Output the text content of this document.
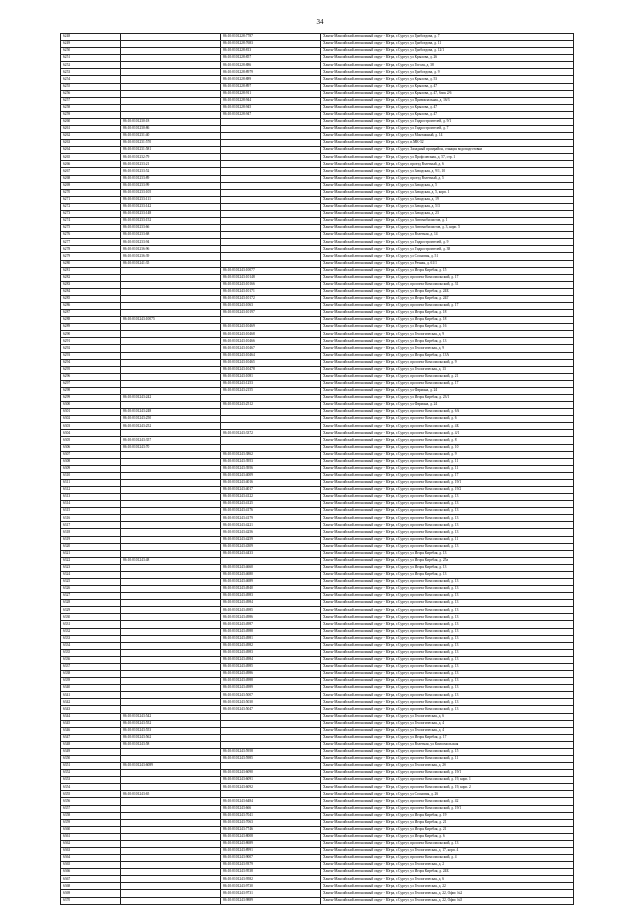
34
6248		86:10:0101228:7787	Ханты-Мансийский автономный округ - Югра, г.Сургут, ул Грибоедова, д. 7
6249		86:10:0101228:7683	Ханты-Мансийский автономный округ - Югра, г.Сургут, ул Грибоедова, д. 11
6250		86:10:0101228:813	Ханты-Мансийский автономный округ - Югра, г.Сургут, ул Грибоедова, д. 12/1
6251		86:10:0101228:857	Ханты-Мансийский автономный округ - Югра, г.Сургут, ул Крылова, д. 26
6252		86:10:0101228:886	Ханты-Мансийский автономный округ - Югра, г.Сургут, ул Гоголя, д. 38
6253		86:10:0101228:8979	Ханты-Мансийский автономный округ - Югра, г.Сургут, ул Грибоедова, д. 9
6254		86:10:0101228:889	Ханты-Мансийский автономный округ - Югра, г.Сургут, ул Крылова, д. 53
6255		86:10:0101228:897	Ханты-Мансийский автономный округ - Югра, г.Сургут, ул Крылова, д. 47
6256		86:10:0101228:911	Ханты-Мансийский автономный округ - Югра, г.Сургут, ул Крылова, д. 47, блок 2/6
6257		86:10:0101228:944	Ханты-Мансийский автономный округ - Югра, г.Сургут, ул Привокзальная, д. 16/3
6258		86:10:0101228:945	Ханты-Мансийский автономный округ - Югра, г.Сургут, ул Крылова, д. 47
6259		86:10:0101228:947	Ханты-Мансийский автономный округ - Югра, г.Сургут, ул Крылова, д. 47
6260	86:10:0101230:18		Ханты-Мансийский автономный округ - Югра, г.Сургут, ул Гидростроителей, д. 9/1
6261	86:10:0101230:86		Ханты-Мансийский автономный округ - Югра, г.Сургут, ул Гидростроителей, д. 7
6262	86:10:0101231:40		Ханты-Мансийский автономный округ - Югра, г.Сургут, ул Монтажный, д. 14
6263	86:10:0101231:570		Ханты-Мансийский автономный округ - Югра, г.Сургут, п.МК-32
6264	86:10:0101231:581		Ханты-Мансийский автономный округ - Югра, г.Сургут, Западный промрайон, станция водоподготовки
6265	86:10:0101232:79		Ханты-Мансийский автономный округ - Югра, г.Сургут, ул Профсоюзная, д. 57, стр. 1
6266	86:10:0101233:21		Ханты-Мансийский автономный округ - Югра, г.Сургут, проезд Взлетный, д. 6
6267	86:10:0101233:52		Ханты-Мансийский автономный округ - Югра, г.Сургут, ул Заводская, д. 9/1, 10
6268	86:10:0101233:89		Ханты-Мансийский автономный округ - Югра, г.Сургут, проезд Взлетный, д. 5
6269	86:10:0101233:99		Ханты-Мансийский автономный округ - Югра, г.Сургут, ул Заводская, д. 5
6270	86:10:0101233:105		Ханты-Мансийский автономный округ - Югра, г.Сургут, ул Заводская, д. 5, корп. 1
6271	86:10:0101233:111		Ханты-Мансийский автономный округ - Югра, г.Сургут, ул Заводская, д. 19
6272	86:10:0101233:142		Ханты-Мансийский автономный округ - Югра, г.Сургут, ул Заводская, д. 5/3
6273	86:10:0101233:148		Ханты-Мансийский автономный округ - Югра, г.Сургут, ул Заводская, д. 23
6274	86:10:0101233:152		Ханты-Мансийский автономный округ - Югра, г.Сургут, ул Автомобилистов, д. 1
6275	86:10:0101233:66		Ханты-Мансийский автономный округ - Югра, г.Сургут, ул Автомобилистов, д. 3, корп. 5
6276	86:10:0101233:68		Ханты-Мансийский автономный округ - Югра, г.Сургут, ул Взлетная, д. 14
6277	86:10:0101233:94		Ханты-Мансийский автономный округ - Югра, г.Сургут, ул Гидростроителей, д. 9
6278	86:10:0101236:96		Ханты-Мансийский автономный округ - Югра, г.Сургут, ул Гидростроителей, д. 38
6279	86:10:0101236:39		Ханты-Мансийский автономный округ - Югра, г.Сургут, ул Сосновая, д. 51
6280	86:10:0101241:35		Ханты-Мансийский автономный округ - Югра, г.Сургут, ул Речная, д. 61/1
6281		86:10:0101243:10077	Ханты-Мансийский автономный округ - Югра, г.Сургут, ул Игоря Киртбая, д. 15
6282		86:10:0101243:10148	Ханты-Мансийский автономный округ - Югра, г.Сургут, проспект Комсомольский, д. 17
6283		86:10:0101243:10166	Ханты-Мансийский автономный округ - Югра, г.Сургут, проспект Комсомольский, д. 31
6284		86:10:0101243:10171	Ханты-Мансийский автономный округ - Югра, г.Сургут, ул Игоря Киртбая, д. 24Б
6285		86:10:0101243:10172	Ханты-Мансийский автономный округ - Югра, г.Сургут, ул Игоря Киртбая, д. 24Г
6286		86:10:0101243:1063	Ханты-Мансийский автономный округ - Югра, г.Сургут, проспект Комсомольский, д. 17
6287		86:10:0101243:10197	Ханты-Мансийский автономный округ - Югра, г.Сургут, ул Игоря Киртбая, д. 18
6288	86:10:0101243:10075		Ханты-Мансийский автономный округ - Югра, г.Сургут, ул Игоря Киртбая, д. 18
6289		86:10:0101243:10469	Ханты-Мансийский автономный округ - Югра, г.Сургут, ул Игоря Киртбая, д. 16
6290		86:10:0101243:10468	Ханты-Мансийский автономный округ - Югра, г.Сургут, ул Геологическая, д. 9
6291		86:10:0101243:10466	Ханты-Мансийский автономный округ - Югра, г.Сургут, ул Игоря Киртбая, д. 13
6292		86:10:0101243:10467	Ханты-Мансийский автономный округ - Югра, г.Сургут, ул Геологическая, д. 9
6293		86:10:0101243:10464	Ханты-Мансийский автономный округ - Югра, г.Сургут, ул Игоря Киртбая, д. 13А
6294		86:10:0101243:10465	Ханты-Мансийский автономный округ - Югра, г.Сургут, проспект Комсомольский, д. 9
6295		86:10:0101243:10478	Ханты-Мансийский автономный округ - Югра, г.Сургут, ул Геологическая, д. 13
6296		86:10:0101243:1081	Ханты-Мансийский автономный округ - Югра, г.Сургут, проспект Комсомольский, д. 21
6297		86:10:0101243:1253	Ханты-Мансийский автономный округ - Югра, г.Сургут, проспект Комсомольский, д. 17
6298		86:10:0101243:2155	Ханты-Мансийский автономный округ - Югра, г.Сургут, ул Фармана, д. 24
6299	86:10:0101243:242		Ханты-Мансийский автономный округ - Югра, г.Сургут, ул Игоря Киртбая, д. 23/1
6300		86:10:0101243:2512	Ханты-Мансийский автономный округ - Югра, г.Сургут, ул Фармана, д. 24
6301	86:10:0101243:248		Ханты-Мансийский автономный округ - Югра, г.Сургут, проспект Комсомольский, д. 6А
6302	86:10:0101243:250		Ханты-Мансийский автономный округ - Югра, г.Сургут, проспект Комсомольский, д. 6
6303	86:10:0101243:252		Ханты-Мансийский автономный округ - Югра, г.Сургут, проспект Комсомольский, д. 4Б
6304		86:10:0101243:3372	Ханты-Мансийский автономный округ - Югра, г.Сургут, проспект Комсомольский, д. 4/1
6305	86:10:0101243:357		Ханты-Мансийский автономный округ - Югра, г.Сургут, проспект Комсомольский, д. 8
6306	86:10:0101243:70		Ханты-Мансийский автономный округ - Югра, г.Сургут, проспект Комсомольский, д. 10
6307		86:10:0101243:3862	Ханты-Мансийский автономный округ - Югра, г.Сургут, проспект Комсомольский, д. 9
6308		86:10:0101243:3953	Ханты-Мансийский автономный округ - Югра, г.Сургут, проспект Комсомольский, д. 11
6309		86:10:0101243:3956	Ханты-Мансийский автономный округ - Югра, г.Сургут, проспект Комсомольский, д. 11
6310		86:10:0101243:4009	Ханты-Мансийский автономный округ - Югра, г.Сургут, проспект Комсомольский, д. 17
6311		86:10:0101243:4016	Ханты-Мансийский автономный округ - Югра, г.Сургут, проспект Комсомольский, д. 19/1
6312		86:10:0101243:4017	Ханты-Мансийский автономный округ - Югра, г.Сургут, проспект Комсомольский, д. 19/2
6313		86:10:0101243:4122	Ханты-Мансийский автономный округ - Югра, г.Сургут, проспект Комсомольский, д. 13
6314		86:10:0101243:4125	Ханты-Мансийский автономный округ - Югра, г.Сургут, проспект Комсомольский, д. 13
6315		86:10:0101243:4176	Ханты-Мансийский автономный округ - Югра, г.Сургут, проспект Комсомольский, д. 13
6316		86:10:0101243:4179	Ханты-Мансийский автономный округ - Югра, г.Сургут, проспект Комсомольский, д. 13
6317		86:10:0101243:4221	Ханты-Мансийский автономный округ - Югра, г.Сургут, проспект Комсомольский, д. 13
6318		86:10:0101243:4256	Ханты-Мансийский автономный округ - Югра, г.Сургут, проспект Комсомольский, д. 13
6319		86:10:0101243:4259	Ханты-Мансийский автономный округ - Югра, г.Сургут, проспект Комсомольский, д. 11
6320		86:10:0101243:4309	Ханты-Мансийский автономный округ - Югра, г.Сургут, проспект Комсомольский, д. 13
6321		86:10:0101243:4433	Ханты-Мансийский автономный округ - Югра, г.Сургут, ул Игоря Киртбая, д. 13
6322	86:10:0101243:48		Ханты-Мансийский автономный округ - Югра, г.Сургут, ул Игоря Киртбая, д. 25а
6323		86:10:0101243:4660	Ханты-Мансийский автономный округ - Югра, г.Сургут, ул Игоря Киртбая, д. 13
6324		86:10:0101243:4680	Ханты-Мансийский автономный округ - Югра, г.Сургут, ул Игоря Киртбая, д. 13
6325		86:10:0101243:4689	Ханты-Мансийский автономный округ - Югра, г.Сургут, проспект Комсомольский, д. 13
6326		86:10:0101243:4940	Ханты-Мансийский автономный округ - Югра, г.Сургут, проспект Комсомольский, д. 13
6327		86:10:0101243:4983	Ханты-Мансийский автономный округ - Югра, г.Сургут, проспект Комсомольский, д. 13
6328		86:10:0101243:4984	Ханты-Мансийский автономный округ - Югра, г.Сургут, проспект Комсомольский, д. 13
6329		86:10:0101243:4985	Ханты-Мансийский автономный округ - Югра, г.Сургут, проспект Комсомольский, д. 13
6330		86:10:0101243:4986	Ханты-Мансийский автономный округ - Югра, г.Сургут, проспект Комсомольский, д. 13
6331		86:10:0101243:4987	Ханты-Мансийский автономный округ - Югра, г.Сургут, проспект Комсомольский, д. 13
6332		86:10:0101243:4988	Ханты-Мансийский автономный округ - Югра, г.Сургут, проспект Комсомольский, д. 13
6333		86:10:0101243:4981	Ханты-Мансийский автономный округ - Югра, г.Сургут, проспект Комсомольский, д. 13
6334		86:10:0101243:4982	Ханты-Мансийский автономный округ - Югра, г.Сургут, проспект Комсомольский, д. 13
6335		86:10:0101243:4983	Ханты-Мансийский автономный округ - Югра, г.Сургут, проспект Комсомольский, д. 13
6336		86:10:0101243:4984	Ханты-Мансийский автономный округ - Югра, г.Сургут, проспект Комсомольский, д. 13
6337		86:10:0101243:4985	Ханты-Мансийский автономный округ - Югра, г.Сургут, проспект Комсомольский, д. 13
6338		86:10:0101243:4986	Ханты-Мансийский автономный округ - Югра, г.Сургут, проспект Комсомольский, д. 13
6339		86:10:0101243:4988	Ханты-Мансийский автономный округ - Югра, г.Сургут, проспект Комсомольский, д. 13
6340		86:10:0101243:4989	Ханты-Мансийский автономный округ - Югра, г.Сургут, проспект Комсомольский, д. 13
6341		86:10:0101243:5007	Ханты-Мансийский автономный округ - Югра, г.Сургут, проспект Комсомольский, д. 13
6342		86:10:0101243:5030	Ханты-Мансийский автономный округ - Югра, г.Сургут, проспект Комсомольский, д. 13
6343		86:10:0101243:5047	Ханты-Мансийский автономный округ - Югра, г.Сургут, проспект Комсомольский, д. 13
6344	86:10:0101243:542		Ханты-Мансийский автономный округ - Югра, г.Сургут, ул Геологическая, д. 6
6345	86:10:0101243:552		Ханты-Мансийский автономный округ - Югра, г.Сургут, ул Геологическая, д. 4
6346	86:10:0101243:553		Ханты-Мансийский автономный округ - Югра, г.Сургут, ул Геологическая, д. 4
6347	86:10:0101243:562		Ханты-Мансийский автономный округ - Югра, г.Сургут, ул Игоря Киртбая, д. 17
6348	86:10:0101243:58		Ханты-Мансийский автономный округ - Югра, г.Сургут, ул Взлетная, ул Комсомольская
6349		86:10:0101243:5958	Ханты-Мансийский автономный округ - Югра, г.Сургут, проспект Комсомольский, д. 15
6350		86:10:0101243:5985	Ханты-Мансийский автономный округ - Югра, г.Сургут, проспект Комсомольский, д. 11
6351	86:10:0101243:6089		Ханты-Мансийский автономный округ - Югра, г.Сургут, ул Геологическая, д. 2б
6352		86:10:0101243:6090	Ханты-Мансийский автономный округ - Югра, г.Сургут, проспект Комсомольский, д. 19/1
6353		86:10:0101243:6091	Ханты-Мансийский автономный округ - Югра, г.Сургут, проспект Комсомольский, д. 19, корп. 1
6354		86:10:0101243:6092	Ханты-Мансийский автономный округ - Югра, г.Сургут, проспект Комсомольский, д. 19, корп. 2
6355	86:10:0101243:65		Ханты-Мансийский автономный округ - Югра, г.Сургут, ул Сосновая, д. 26
6356		86:10:0101243:6484	Ханты-Мансийский автономный округ - Югра, г.Сургут, проспект Комсомольский, д. 42
6357		86:10:0101243:666	Ханты-Мансийский автономный округ - Югра, г.Сургут, проспект Комсомольский, д. 19/1
6358		86:10:0101243:7041	Ханты-Мансийский автономный округ - Югра, г.Сургут, ул Игоря Киртбая, д. 19
6359		86:10:0101243:7063	Ханты-Мансийский автономный округ - Югра, г.Сургут, ул Игоря Киртбая, д. 21
6360		86:10:0101243:7746	Ханты-Мансийский автономный округ - Югра, г.Сургут, ул Игоря Киртбая, д. 21
6361		86:10:0101243:8008	Ханты-Мансийский автономный округ - Югра, г.Сургут, ул Игоря Киртбая, д. 6
6362		86:10:0101243:8689	Ханты-Мансийский автономный округ - Югра, г.Сургут, проспект Комсомольский, д. 13
6363		86:10:0101243:8991	Ханты-Мансийский автономный округ - Югра, г.Сургут, ул Геологическая, д. 17, корп. 4
6364		86:10:0101243:9007	Ханты-Мансийский автономный округ - Югра, г.Сургут, проспект Комсомольский, д. 4
6365		86:10:0101243:9379	Ханты-Мансийский автономный округ - Югра, г.Сургут, ул Геологическая, д. 2
6366		86:10:0101243:9538	Ханты-Мансийский автономный округ - Югра, г.Сургут, ул Игоря Киртбая, д. 24Б
6367		86:10:0101243:9582	Ханты-Мансийский автономный округ - Югра, г.Сургут, ул Геологическая, д. 6
6368		86:10:0101243:9730	Ханты-Мансийский автономный округ - Югра, г.Сургут, ул Геологическая, д. 22
6369		86:10:0101243:9731	Ханты-Мансийский автономный округ - Югра, г.Сургут, ул Геологическая, д. 22, Офис №2
6370		86:10:0101243:9889	Ханты-Мансийский автономный округ - Югра, г.Сургут, ул Геологическая, д. 22, Офис №5
